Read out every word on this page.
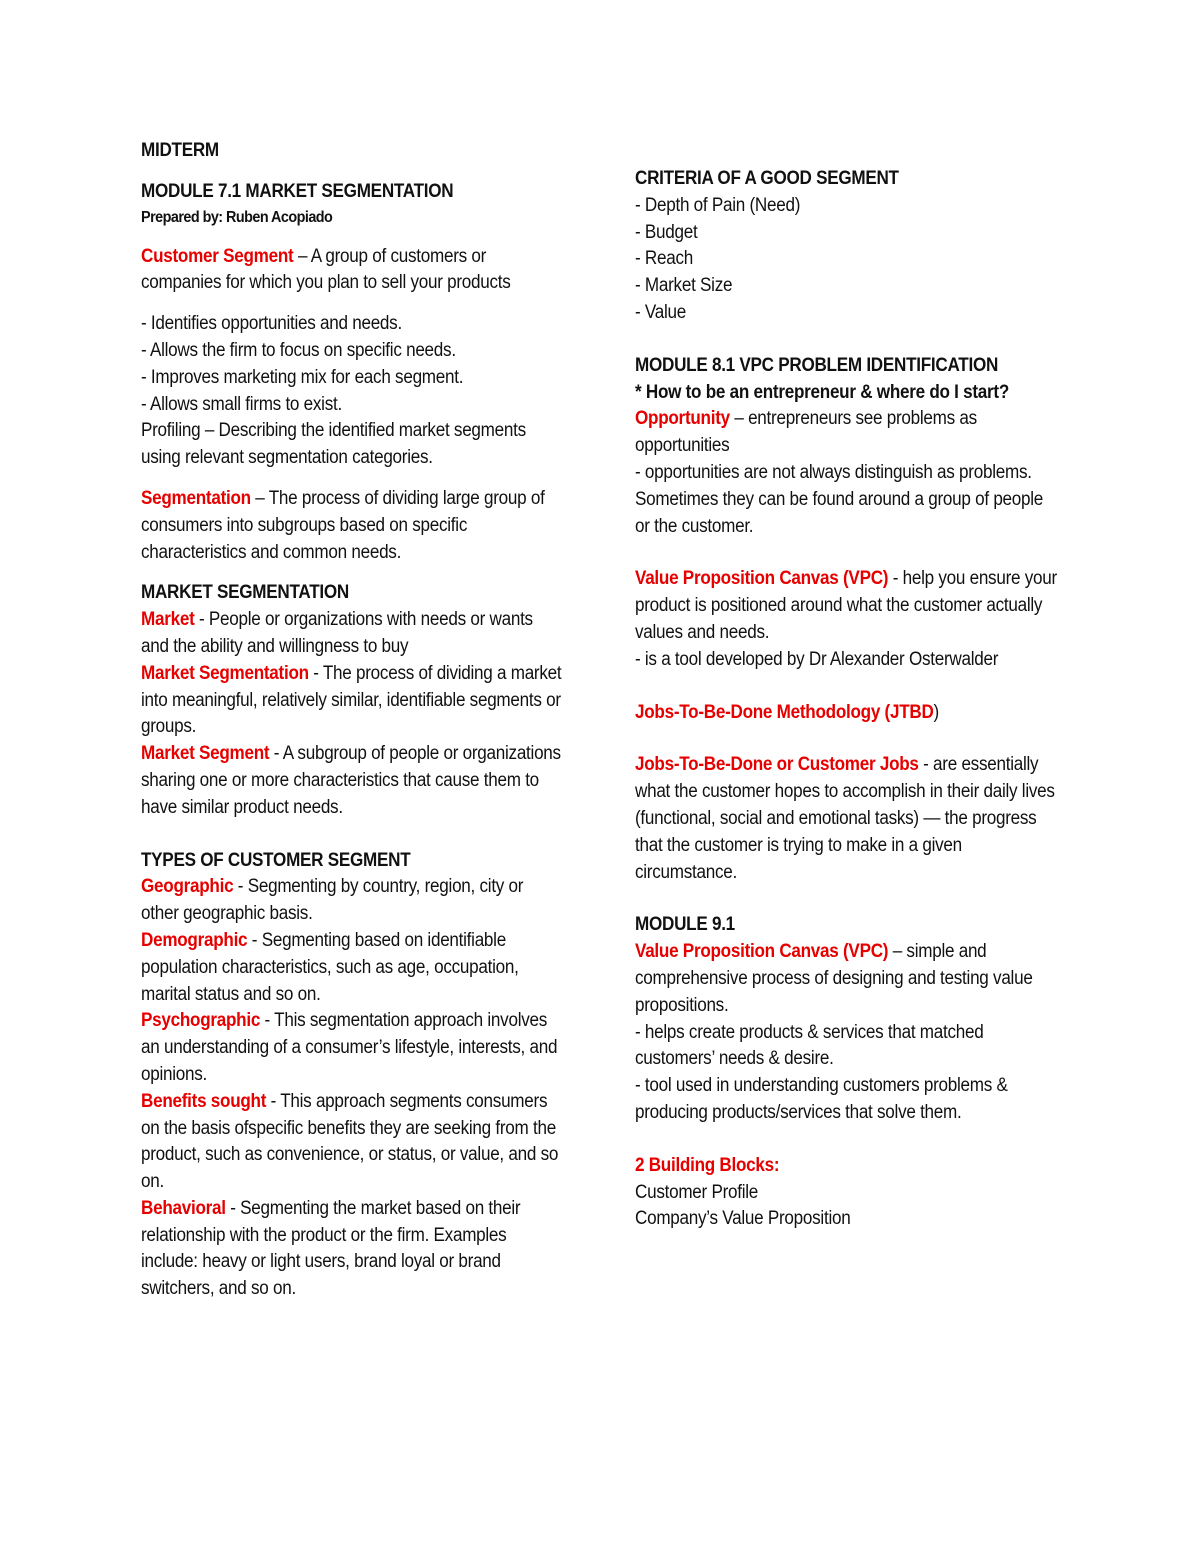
MIDTERM

MODULE 7.1 MARKET SEGMENTATION

Prepared by: Ruben Acopiado

Customer Segment – A group of customers or companies for which you plan to sell your products

- Identifies opportunities and needs.

- Allows the firm to focus on specific needs.

- Improves marketing mix for each segment.

- Allows small firms to exist.

Profiling – Describing the identified market segments using relevant segmentation categories.

Segmentation – The process of dividing large group of consumers into subgroups based on specific characteristics and common needs.

MARKET SEGMENTATION

Market - People or organizations with needs or wants and the ability and willingness to buy

Market Segmentation - The process of dividing a market into meaningful, relatively similar, identifiable segments or groups.

Market Segment - A subgroup of people or organizations sharing one or more characteristics that cause them to have similar product needs.

TYPES OF CUSTOMER SEGMENT

Geographic - Segmenting by country, region, city or other geographic basis.

Demographic - Segmenting based on identifiable population characteristics, such as age, occupation, marital status and so on.

Psychographic - This segmentation approach involves an understanding of a consumer’s lifestyle, interests, and opinions.

Benefits sought - This approach segments consumers on the basis ofspecific benefits they are seeking from the product, such as convenience, or status, or value, and so on.

Behavioral - Segmenting the market based on their relationship with the product or the firm. Examples include: heavy or light users, brand loyal or brand switchers, and so on.

CRITERIA OF A GOOD SEGMENT

- Depth of Pain (Need)

- Budget

- Reach

- Market Size

- Value

MODULE 8.1 VPC PROBLEM IDENTIFICATION

* How to be an entrepreneur & where do I start?

Opportunity – entrepreneurs see problems as opportunities

- opportunities are not always distinguish as problems. Sometimes they can be found around a group of people or the customer.

Value Proposition Canvas (VPC) - help you ensure your product is positioned around what the customer actually values and needs.

- is a tool developed by Dr Alexander Osterwalder

Jobs-To-Be-Done Methodology (JTBD)

Jobs-To-Be-Done or Customer Jobs - are essentially what the customer hopes to accomplish in their daily lives (functional, social and emotional tasks) — the progress that the customer is trying to make in a given circumstance.

MODULE 9.1

Value Proposition Canvas (VPC) – simple and comprehensive process of designing and testing value propositions.

- helps create products & services that matched customers’ needs & desire.

- tool used in understanding customers problems & producing products/services that solve them.

2 Building Blocks:

Customer Profile

Company’s Value Proposition
